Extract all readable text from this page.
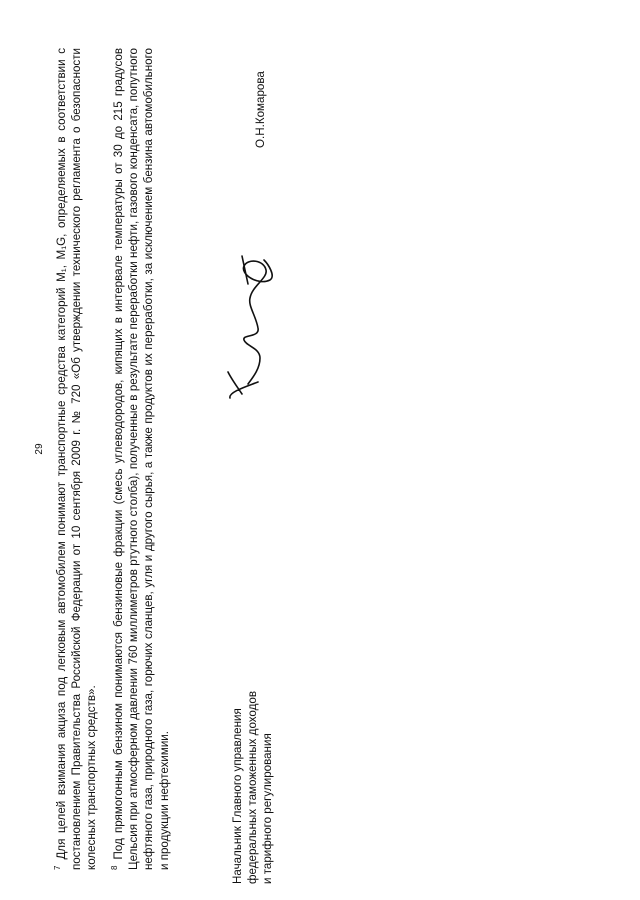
29

$^7$Для целей взимания акциза под легковым автомобилем понимают транспортные средства категорий M₁, M₁G, определяемых в соответствии с постановлением Правительства Российской Федерации от 10 сентября 2009 г. № 720 «Об утверждении технического регламента о безопасности колесных транспортных средств». $^8$Под прямогонным бензином понимаются бензиновые фракции (смесь углеводородов, кипящих в интервале температуры от 30 до 215 градусов Цельсия при атмосферном давлении 760 миллиметров ртутного столба), полученные в результате переработки нефти, газового конденсата, попутного нефтяного газа, природного газа, горючих сланцев, угля и другого сырья, а также продуктов их переработки, за исключением бензина автомобильного и продукции нефтехимии.	Начальник Главного управления федеральных таможенных доходов и тарифного регулирования
О.Н.Комарова
